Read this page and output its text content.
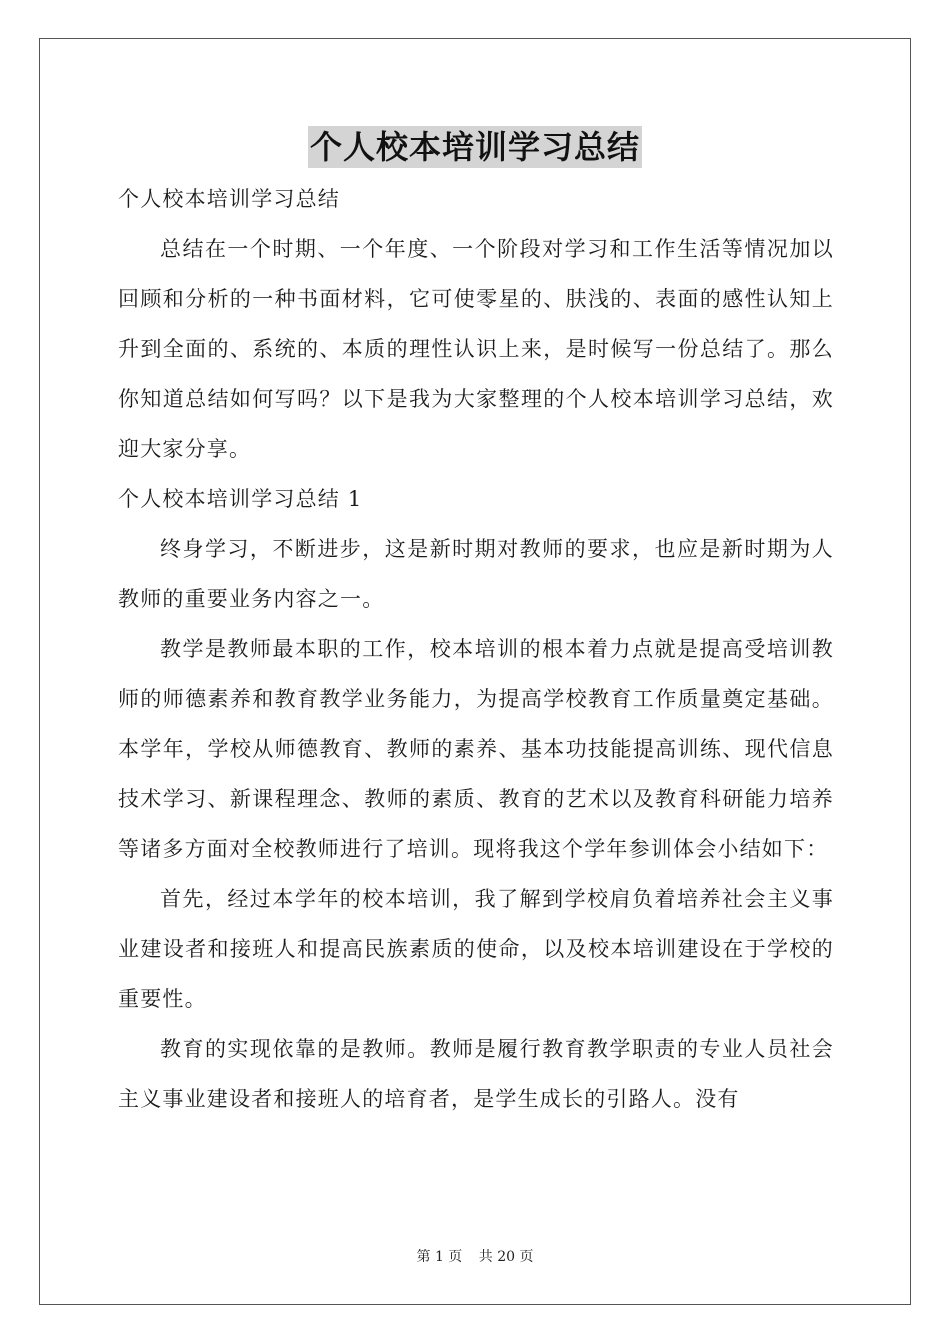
个人校本培训学习总结

个人校本培训学习总结

总结在一个时期、一个年度、一个阶段对学习和工作生活等情况加以回顾和分析的一种书面材料，它可使零星的、肤浅的、表面的感性认知上升到全面的、系统的、本质的理性认识上来，是时候写一份总结了。那么你知道总结如何写吗？以下是我为大家整理的个人校本培训学习总结，欢迎大家分享。

个人校本培训学习总结 1

终身学习，不断进步，这是新时期对教师的要求，也应是新时期为人教师的重要业务内容之一。

教学是教师最本职的工作，校本培训的根本着力点就是提高受培训教师的师德素养和教育教学业务能力，为提高学校教育工作质量奠定基础。本学年，学校从师德教育、教师的素养、基本功技能提高训练、现代信息技术学习、新课程理念、教师的素质、教育的艺术以及教育科研能力培养等诸多方面对全校教师进行了培训。现将我这个学年参训体会小结如下：

首先，经过本学年的校本培训，我了解到学校肩负着培养社会主义事业建设者和接班人和提高民族素质的使命，以及校本培训建设在于学校的重要性。

教育的实现依靠的是教师。教师是履行教育教学职责的专业人员社会主义事业建设者和接班人的培育者，是学生成长的引路人。没有

第 1 页 共 20 页
